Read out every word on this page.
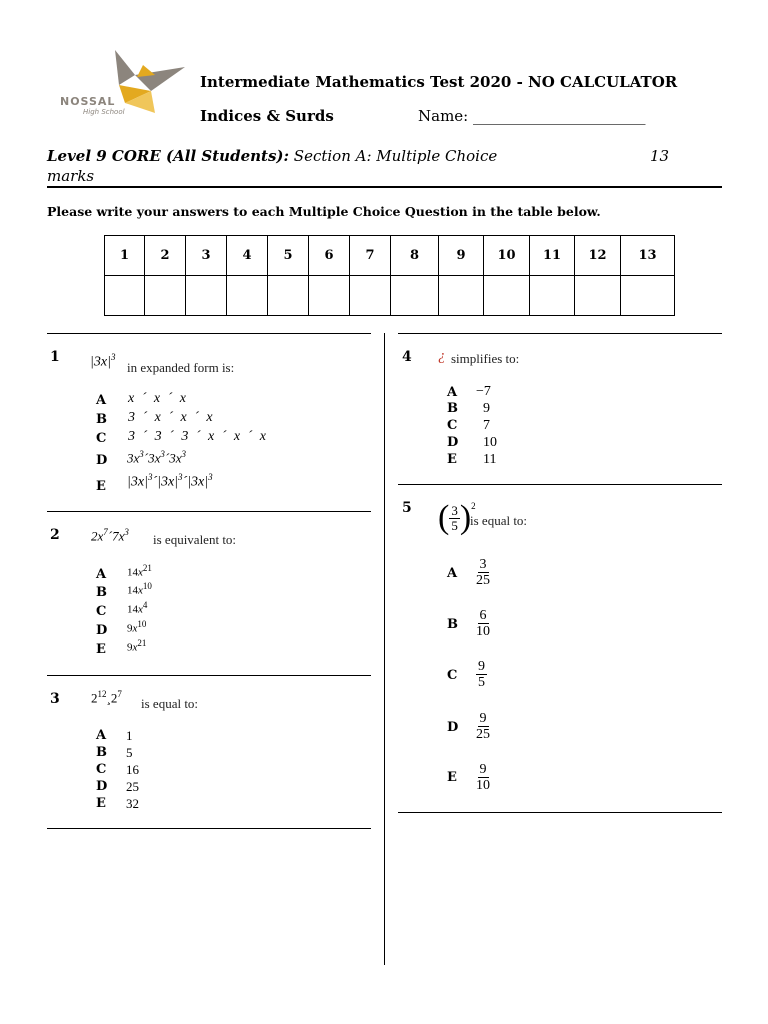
NOSSAL
High School
Intermediate Mathematics Test 2020 - NO CALCULATOR
Indices & Surds	Name: _______________________
Level 9 CORE (All Students): Section A: Multiple Choice	13
marks
Please write your answers to each Multiple Choice Question in the table below.
1	2	3	4	5	6	7	8	9	10	11	12	13

1 $|3x|^3$
in expanded form is:
A
B
C
D
E
x ´ x ´ x
3 ´ x ´ x ´ x
3 ´ 3 ´ 3 ´ x ´ x ´ x
$3x^3´3x^3´3x^3$
$|3x|^3´|3x|^3´|3x|^3$
2 $2x^7´7x^3$ is equivalent to:
A
B
C
D
E
$14x^{21}$
$14x^{10}$
$14x^4$
$9x^{10}$
$9x^{21}$
3 $2^{12}¸2^7$
is equal to:
A
B
C
D
E
1
5
16
25
32
4 ¿ simplifies to:
A
B
C
D
E
−7
9
7
10
11
5 ( $\frac{3}{5} )^2$
is equal to:
A
B
C
D
E
$\frac{3}{25}$
$\frac{6}{10}$
$\frac{9}{5}$
$\frac{9}{25}$
$\frac{9}{10}$
